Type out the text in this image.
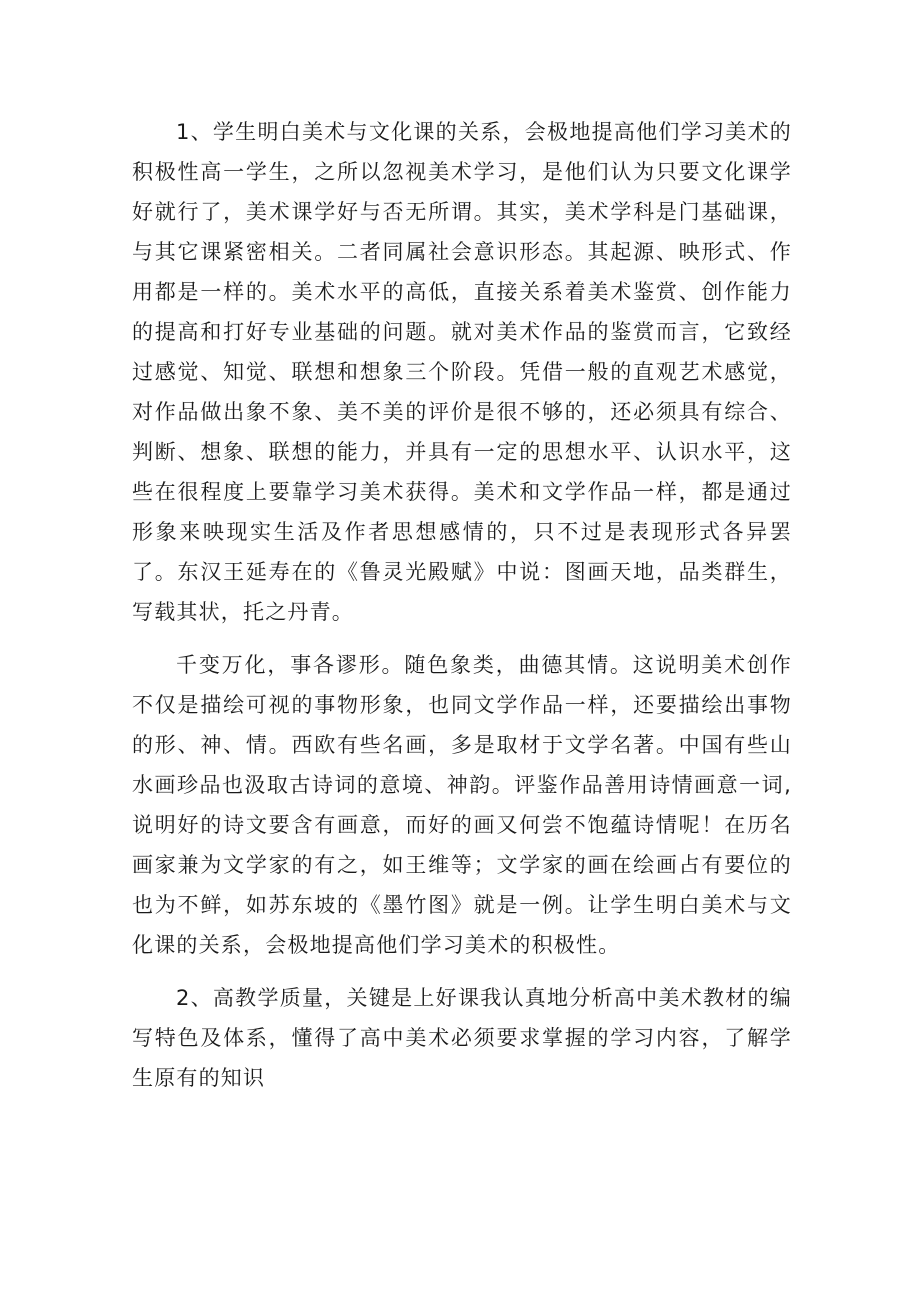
1、学生明白美术与文化课的关系，会极地提高他们学习美术的积极性高一学生，之所以忽视美术学习，是他们认为只要文化课学好就行了，美术课学好与否无所谓。其实，美术学科是门基础课，与其它课紧密相关。二者同属社会意识形态。其起源、映形式、作用都是一样的。美术水平的高低，直接关系着美术鉴赏、创作能力的提高和打好专业基础的问题。就对美术作品的鉴赏而言，它致经过感觉、知觉、联想和想象三个阶段。凭借一般的直观艺术感觉，对作品做出象不象、美不美的评价是很不够的，还必须具有综合、判断、想象、联想的能力，并具有一定的思想水平、认识水平，这些在很程度上要靠学习美术获得。美术和文学作品一样，都是通过形象来映现实生活及作者思想感情的，只不过是表现形式各异罢了。东汉王延寿在的《鲁灵光殿赋》中说：图画天地，品类群生，写载其状，托之丹青。

千变万化，事各谬形。随色象类，曲德其情。这说明美术创作不仅是描绘可视的事物形象，也同文学作品一样，还要描绘出事物的形、神、情。西欧有些名画，多是取材于文学名著。中国有些山水画珍品也汲取古诗词的意境、神韵。评鉴作品善用诗情画意一词,说明好的诗文要含有画意，而好的画又何尝不饱蕴诗情呢！在历名画家兼为文学家的有之，如王维等；文学家的画在绘画占有要位的也为不鲜，如苏东坡的《墨竹图》就是一例。让学生明白美术与文化课的关系，会极地提高他们学习美术的积极性。

2、高教学质量，关键是上好课我认真地分析高中美术教材的编写特色及体系，懂得了高中美术必须要求掌握的学习内容，了解学生原有的知识
